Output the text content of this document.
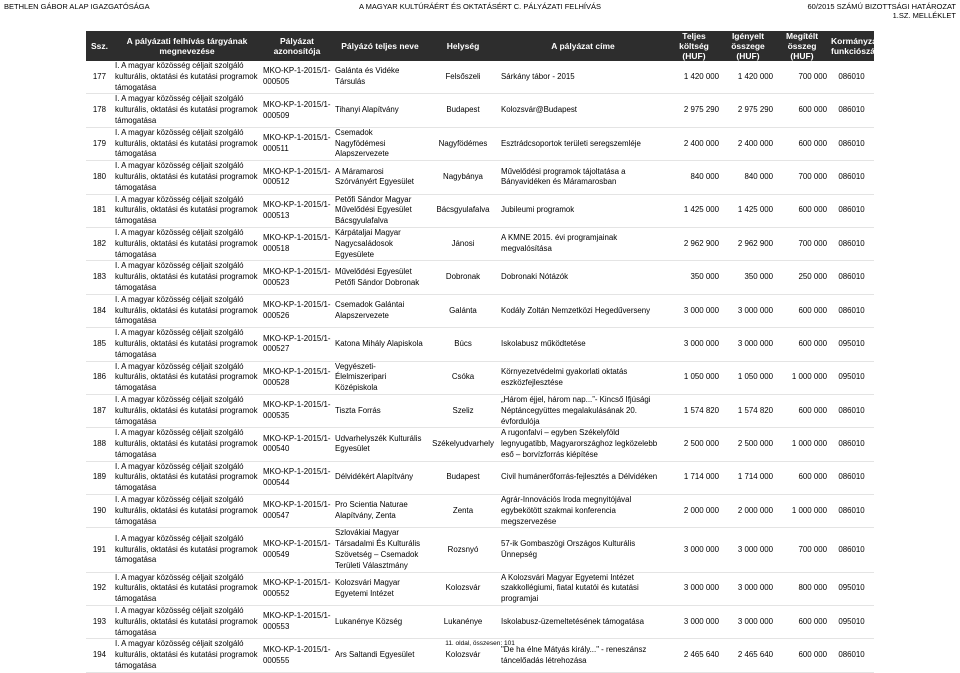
BETHLEN GÁBOR ALAP IGAZGATÓSÁGA	A MAGYAR KULTÚRÁÉRT ÉS OKTATÁSÉRT C. PÁLYÁZATI FELHÍVÁS	60/2015 SZÁMÚ BIZOTTSÁGI HATÁROZAT
1.SZ. MELLÉKLET
Ssz.	A pályázati felhívás tárgyának megnevezése	Pályázat azonosítója	Pályázó teljes neve	Helység	A pályázat címe	Teljes költség (HUF)	Igényelt összege (HUF)	Megítélt összeg (HUF)	Kormányzati funkciószám
177	I. A magyar közösség céljait szolgáló kulturális, oktatási és kutatási programok támogatása	MKO-KP-1-2015/1-000505	Galánta és Vidéke Társulás	Felsőszeli	Sárkány tábor - 2015	1 420 000	1 420 000	700 000	086010
178	I. A magyar közösség céljait szolgáló kulturális, oktatási és kutatási programok támogatása	MKO-KP-1-2015/1-000509	Tihanyi Alapítvány	Budapest	Kolozsvár@Budapest	2 975 290	2 975 290	600 000	086010
179	I. A magyar közösség céljait szolgáló kulturális, oktatási és kutatási programok támogatása	MKO-KP-1-2015/1-000511	Csemadok Nagyfödémesi Alapszervezete	Nagyfödémes	Esztrádcsoportok területi seregszemléje	2 400 000	2 400 000	600 000	086010
180	I. A magyar közösség céljait szolgáló kulturális, oktatási és kutatási programok támogatása	MKO-KP-1-2015/1-000512	A Máramarosi Szórványért Egyesület	Nagybánya	Művelődési programok tájoltatása a Bányavidéken és Máramarosban	840 000	840 000	700 000	086010
181	I. A magyar közösség céljait szolgáló kulturális, oktatási és kutatási programok támogatása	MKO-KP-1-2015/1-000513	Petőfi Sándor Magyar Művelődési Egyesület Bácsgyulafalva	Bácsgyulafalva	Jubileumi programok	1 425 000	1 425 000	600 000	086010
182	I. A magyar közösség céljait szolgáló kulturális, oktatási és kutatási programok támogatása	MKO-KP-1-2015/1-000518	Kárpátaljai Magyar Nagycsaládosok Egyesülete	Jánosi	A KMNE 2015. évi programjainak megvalósítása	2 962 900	2 962 900	700 000	086010
183	I. A magyar közösség céljait szolgáló kulturális, oktatási és kutatási programok támogatása	MKO-KP-1-2015/1-000523	Művelődési Egyesület Petőfi Sándor Dobronak	Dobronak	Dobronaki Nótázók	350 000	350 000	250 000	086010
184	I. A magyar közösség céljait szolgáló kulturális, oktatási és kutatási programok támogatása	MKO-KP-1-2015/1-000526	Csemadok Galántai Alapszervezete	Galánta	Kodály Zoltán Nemzetközi Hegedűverseny	3 000 000	3 000 000	600 000	086010
185	I. A magyar közösség céljait szolgáló kulturális, oktatási és kutatási programok támogatása	MKO-KP-1-2015/1-000527	Katona Mihály Alapiskola	Búcs	Iskolabusz működtetése	3 000 000	3 000 000	600 000	095010
186	I. A magyar közösség céljait szolgáló kulturális, oktatási és kutatási programok támogatása	MKO-KP-1-2015/1-000528	Vegyészeti-Élelmiszeripari Középiskola	Csóka	Környezetvédelmi gyakorlati oktatás eszközfejlesztése	1 050 000	1 050 000	1 000 000	095010
187	I. A magyar közösség céljait szolgáló kulturális, oktatási és kutatási programok támogatása	MKO-KP-1-2015/1-000535	Tiszta Forrás	Szeliz	„Három éjjel, három nap...”- Kincső Ifjúsági Néptáncegyüttes megalakulásának 20. évfordulója	1 574 820	1 574 820	600 000	086010
188	I. A magyar közösség céljait szolgáló kulturális, oktatási és kutatási programok támogatása	MKO-KP-1-2015/1-000540	Udvarhelyszék Kulturális Egyesület	Székelyudvarhely	A rugonfalvi – egyben Székelyföld legnyugatibb, Magyarországhoz legközelebb eső – borvízforrás kiépítése	2 500 000	2 500 000	1 000 000	086010
189	I. A magyar közösség céljait szolgáló kulturális, oktatási és kutatási programok támogatása	MKO-KP-1-2015/1-000544	Délvidékért Alapítvány	Budapest	Civil humánerőforrás-fejlesztés a Délvidéken	1 714 000	1 714 000	600 000	086010
190	I. A magyar közösség céljait szolgáló kulturális, oktatási és kutatási programok támogatása	MKO-KP-1-2015/1-000547	Pro Scientia Naturae Alapítvány, Zenta	Zenta	Agrár-Innovációs Iroda megnyitójával egybekötött szakmai konferencia megszervezése	2 000 000	2 000 000	1 000 000	086010
191	I. A magyar közösség céljait szolgáló kulturális, oktatási és kutatási programok támogatása	MKO-KP-1-2015/1-000549	Szlovákiai Magyar Társadalmi És Kulturális Szövetség – Csemadok Területi Választmány	Rozsnyó	57-ik Gombaszögi Országos Kulturális Ünnepség	3 000 000	3 000 000	700 000	086010
192	I. A magyar közösség céljait szolgáló kulturális, oktatási és kutatási programok támogatása	MKO-KP-1-2015/1-000552	Kolozsvári Magyar Egyetemi Intézet	Kolozsvár	A Kolozsvári Magyar Egyetemi Intézet szakkollégiumi, fiatal kutatói és kutatási programjai	3 000 000	3 000 000	800 000	095010
193	I. A magyar közösség céljait szolgáló kulturális, oktatási és kutatási programok támogatása	MKO-KP-1-2015/1-000553	Lukanénye Község	Lukanénye	Iskolabusz-üzemeltetésének támogatása	3 000 000	3 000 000	600 000	095010
194	I. A magyar közösség céljait szolgáló kulturális, oktatási és kutatási programok támogatása	MKO-KP-1-2015/1-000555	Ars Saltandi Egyesület	Kolozsvár	"De ha élne Mátyás király..." - reneszánsz táncelőadás létrehozása	2 465 640	2 465 640	600 000	086010
11. oldal, összesen: 101
